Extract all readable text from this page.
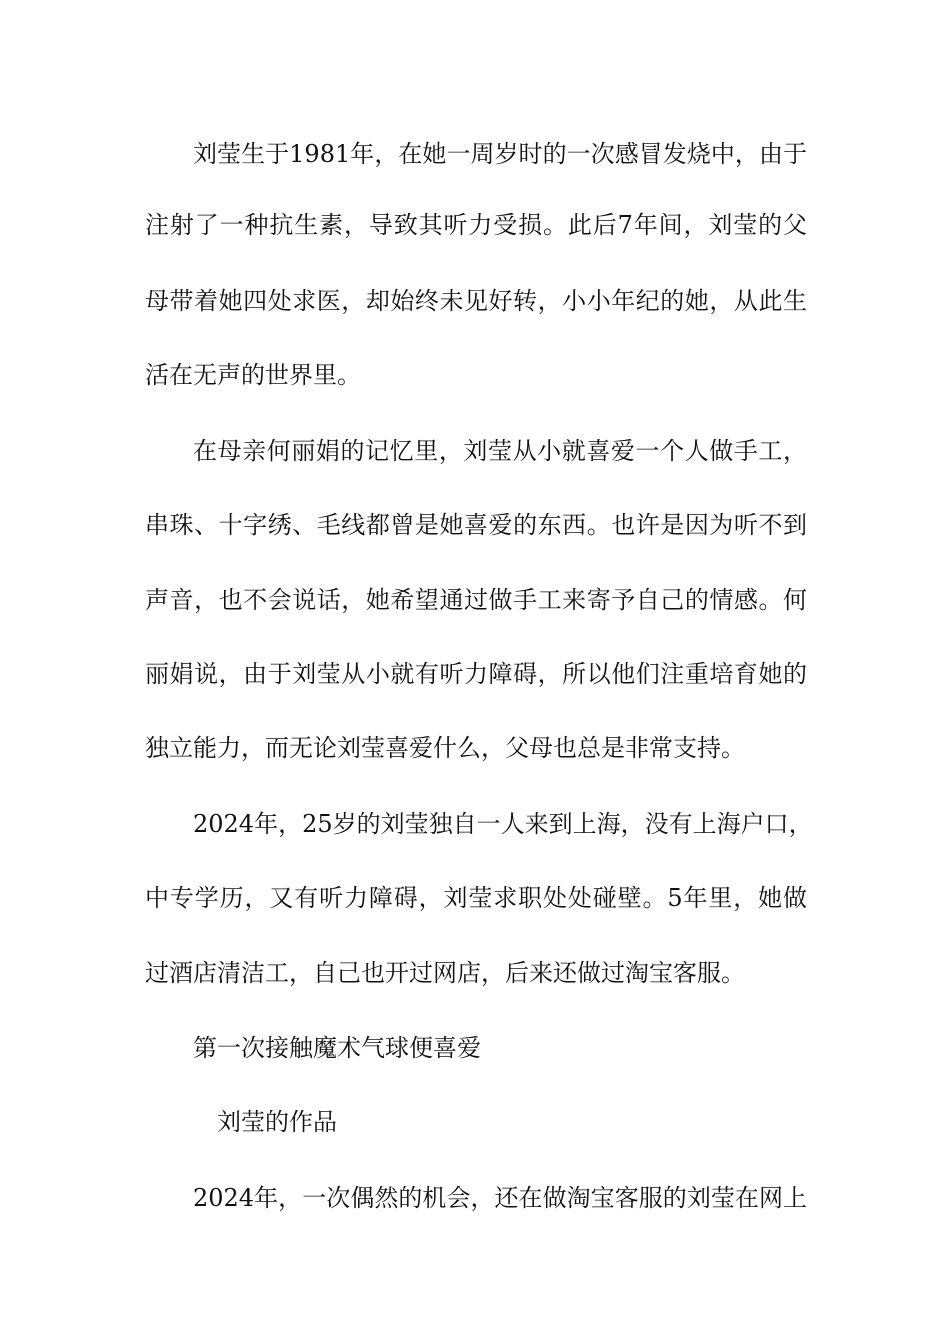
刘莹生于1981年，在她一周岁时的一次感冒发烧中，由于
注射了一种抗生素，导致其听力受损。此后7年间，刘莹的父
母带着她四处求医，却始终未见好转，小小年纪的她，从此生
活在无声的世界里。
在母亲何丽娟的记忆里，刘莹从小就喜爱一个人做手工，
串珠、十字绣、毛线都曾是她喜爱的东西。也许是因为听不到
声音，也不会说话，她希望通过做手工来寄予自己的情感。何
丽娟说，由于刘莹从小就有听力障碍，所以他们注重培育她的
独立能力，而无论刘莹喜爱什么，父母也总是非常支持。
2024年，25岁的刘莹独自一人来到上海，没有上海户口，
中专学历，又有听力障碍，刘莹求职处处碰壁。5年里，她做
过酒店清洁工，自己也开过网店，后来还做过淘宝客服。
第一次接触魔术气球便喜爱
刘莹的作品
2024年，一次偶然的机会，还在做淘宝客服的刘莹在网上
